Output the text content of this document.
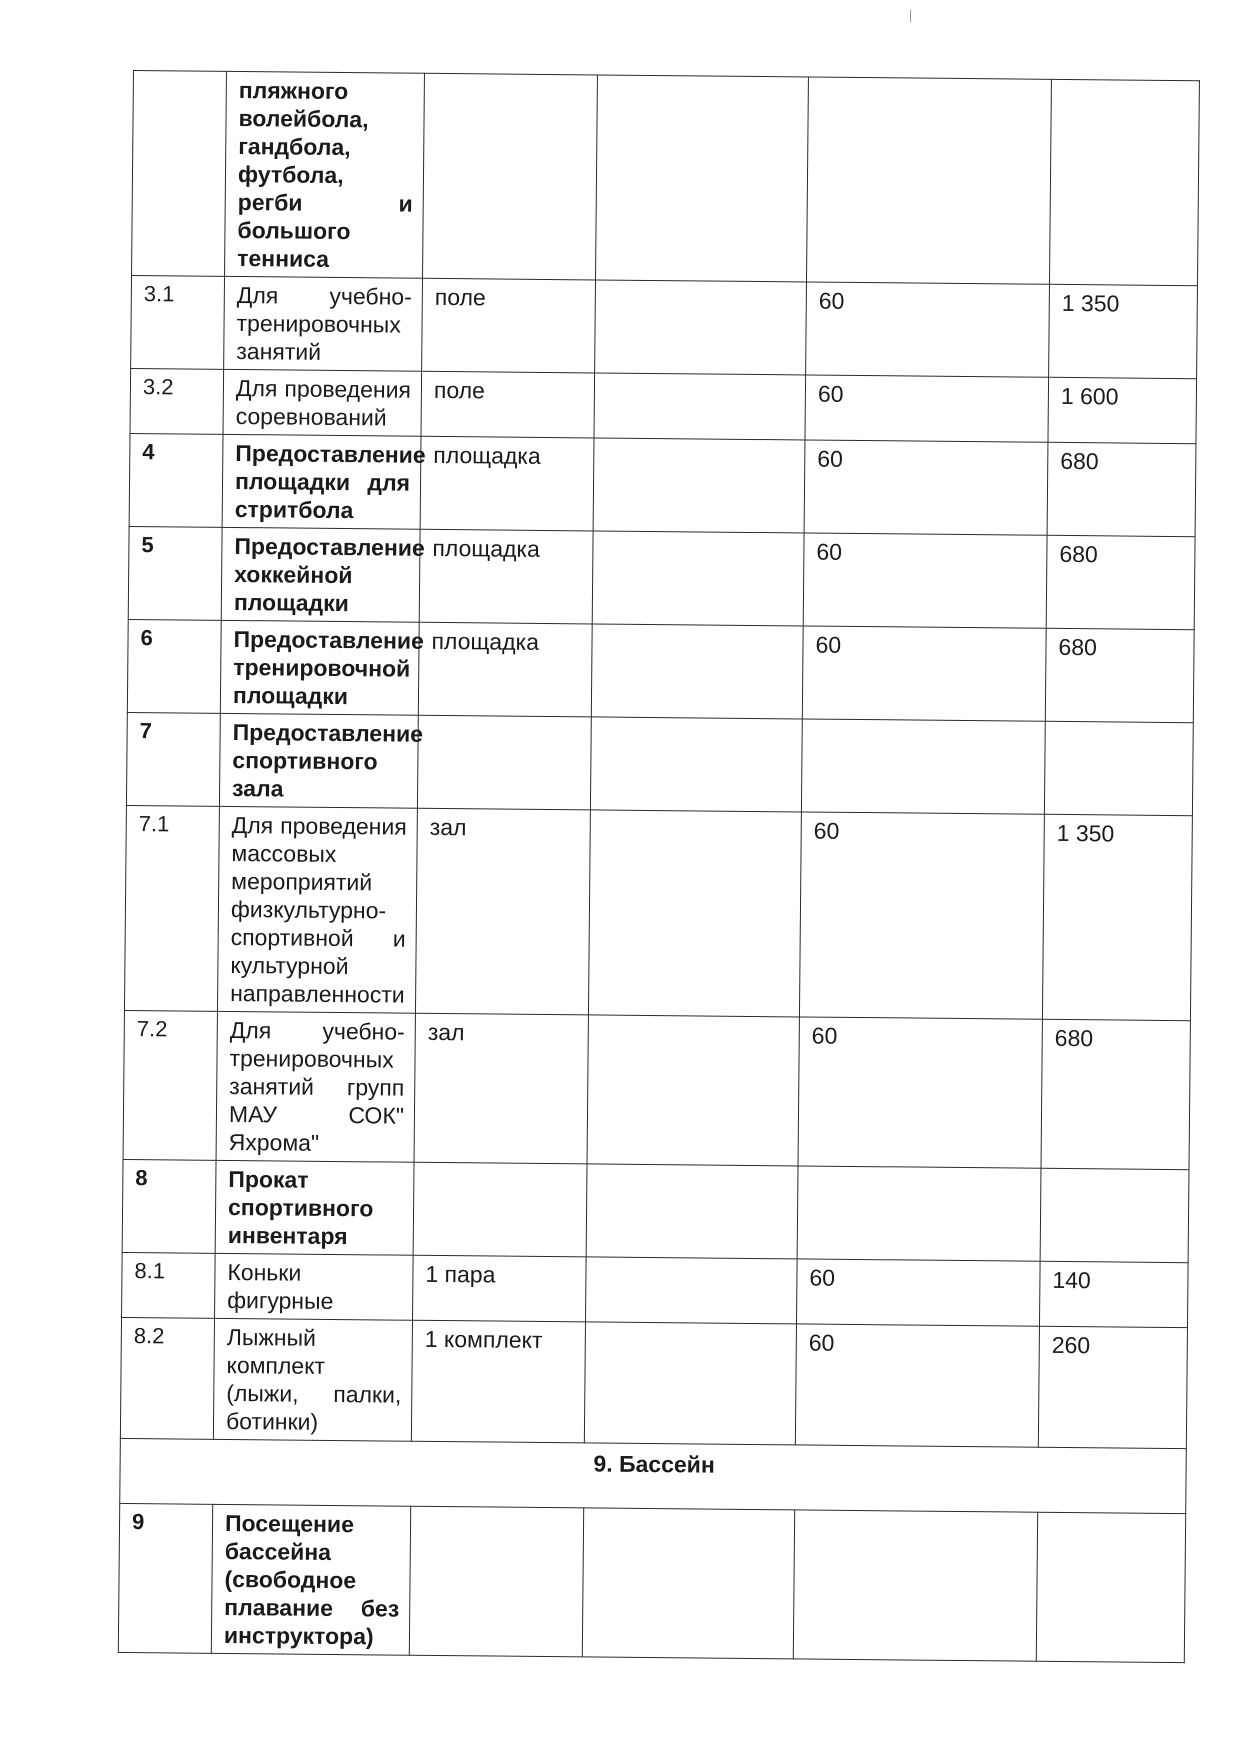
	пляжного волейбола, гандбола, футбола, регби и большого тенниса				
3.1	Для учебно-тренировочных занятий	поле		60	1 350
3.2	Для проведения соревнований	поле		60	1 600
4	Предоставление площадки для стритбола	площадка		60	680
5	Предоставление хоккейной площадки	площадка		60	680
6	Предоставление тренировочной площадки	площадка		60	680
7	Предоставление спортивного зала				
7.1	Для проведения массовых мероприятий физкультурно-спортивной и культурной направленности	зал		60	1 350
7.2	Для учебно-тренировочных занятий групп МАУ СОК" Яхрома"	зал		60	680
8	Прокат спортивного инвентаря				
8.1	Коньки фигурные	1 пара		60	140
8.2	Лыжный комплект (лыжи, палки, ботинки)	1 комплект		60	260
9. Бассейн					
9	Посещение бассейна (свободное плавание без инструктора)				
